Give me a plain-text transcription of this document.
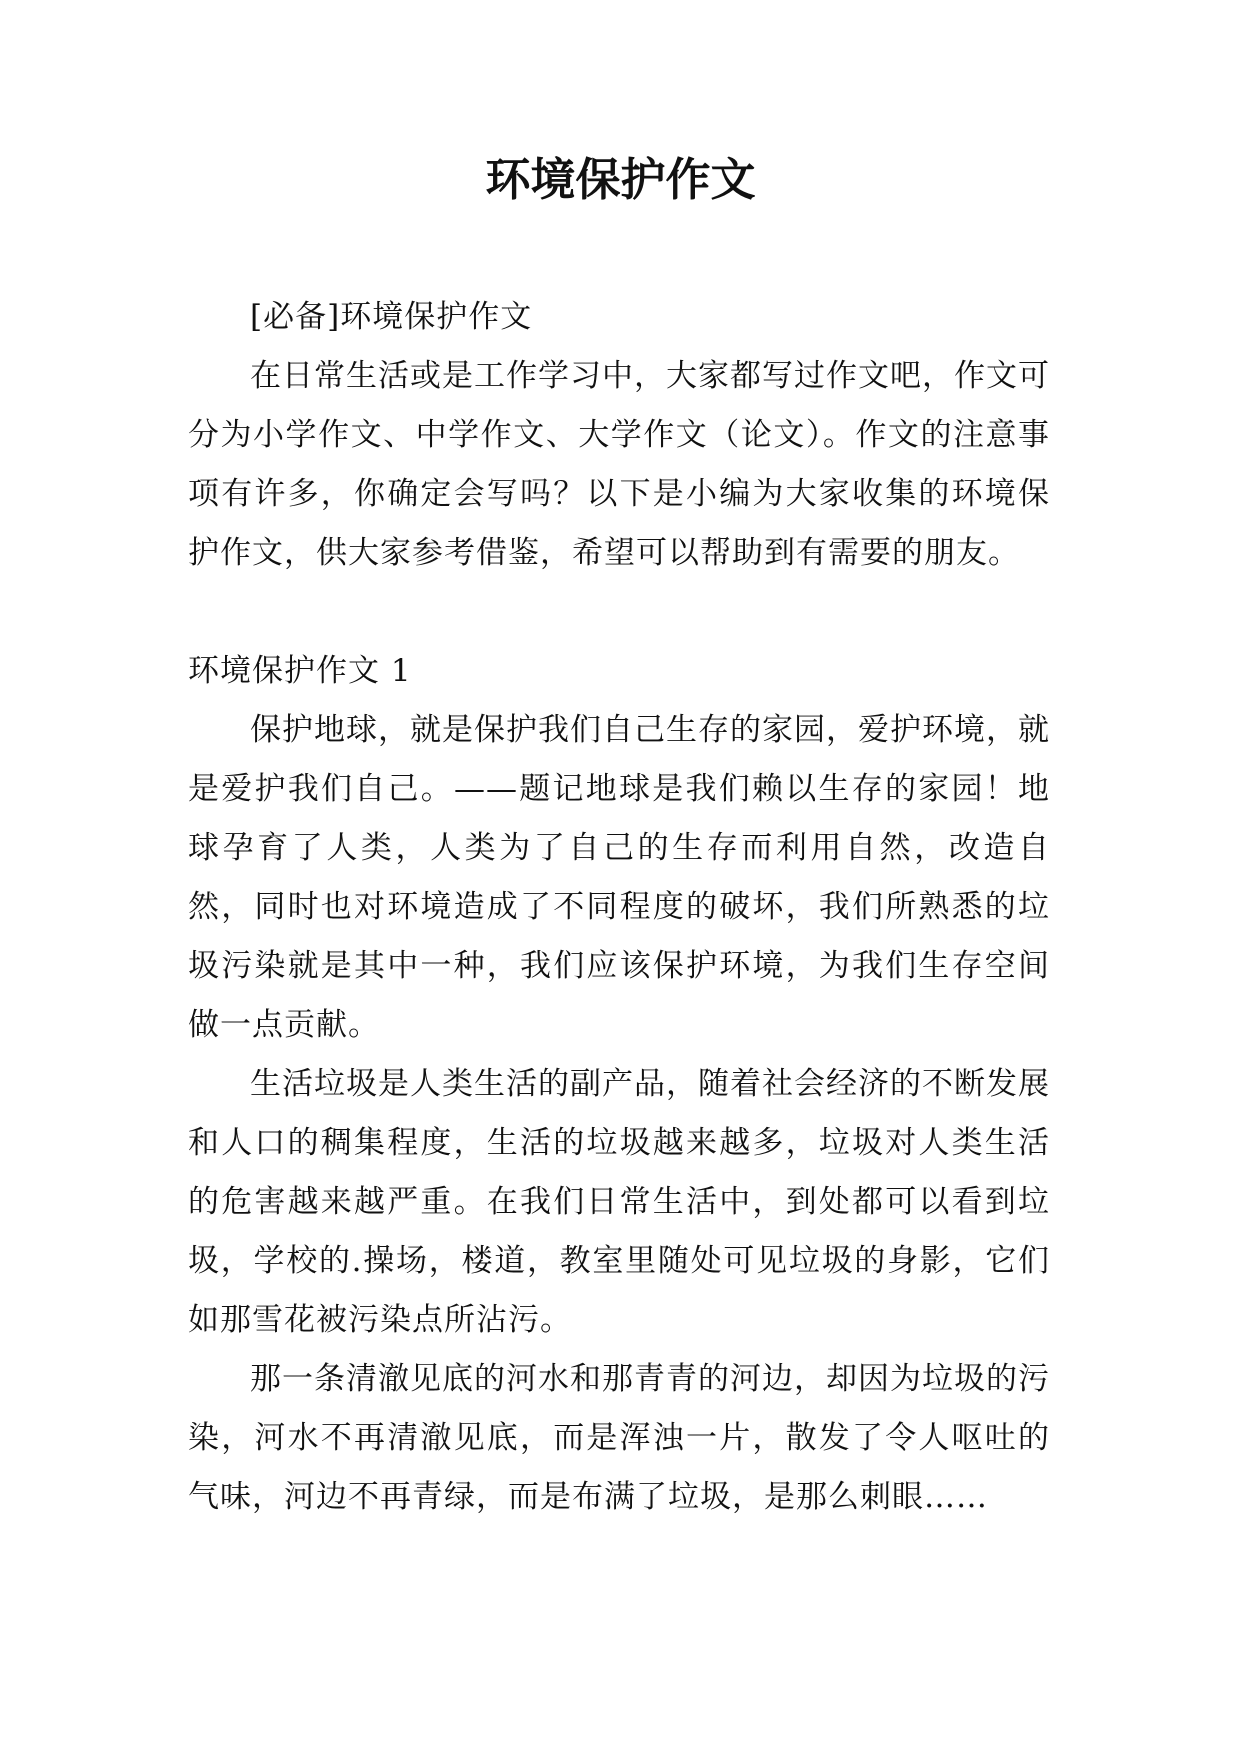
环境保护作文

[必备]环境保护作文

在日常生活或是工作学习中，大家都写过作文吧，作文可分为小学作文、中学作文、大学作文（论文）。作文的注意事项有许多，你确定会写吗？以下是小编为大家收集的环境保护作文，供大家参考借鉴，希望可以帮助到有需要的朋友。

环境保护作文 1

保护地球，就是保护我们自己生存的家园，爱护环境，就是爱护我们自己。——题记地球是我们赖以生存的家园！地球孕育了人类，人类为了自己的生存而利用自然，改造自然，同时也对环境造成了不同程度的破坏，我们所熟悉的垃圾污染就是其中一种，我们应该保护环境，为我们生存空间做一点贡献。

生活垃圾是人类生活的副产品，随着社会经济的不断发展和人口的稠集程度，生活的垃圾越来越多，垃圾对人类生活的危害越来越严重。在我们日常生活中，到处都可以看到垃圾，学校的.操场，楼道，教室里随处可见垃圾的身影，它们如那雪花被污染点所沾污。

那一条清澈见底的河水和那青青的河边，却因为垃圾的污染，河水不再清澈见底，而是浑浊一片，散发了令人呕吐的气味，河边不再青绿，而是布满了垃圾，是那么刺眼……
